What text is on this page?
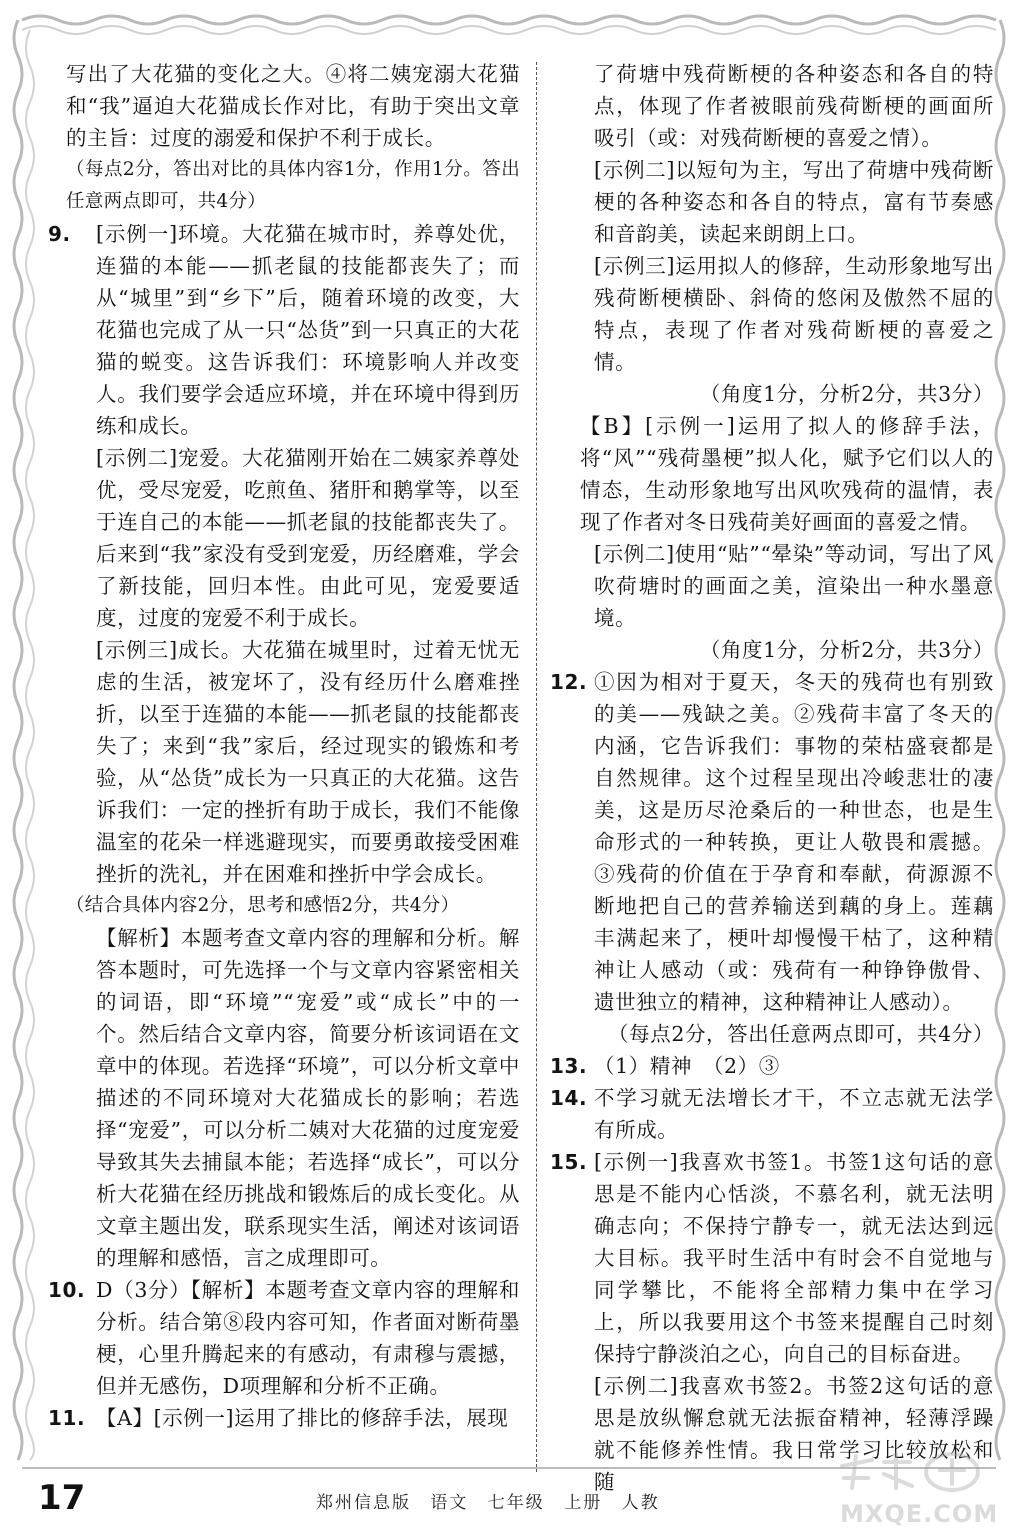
写出了大花猫的变化之大。④将二姨宠溺大花猫和“我”逼迫大花猫成长作对比，有助于突出文章的主旨：过度的溺爱和保护不利于成长。
（每点2分，答出对比的具体内容1分，作用1分。答出任意两点即可，共4分）
9. [示例一]环境。大花猫在城市时，养尊处优，连猫的本能——抓老鼠的技能都丧失了；而从“城里”到“乡下”后，随着环境的改变，大花猫也完成了从一只“怂货”到一只真正的大花猫的蜕变。这告诉我们：环境影响人并改变人。我们要学会适应环境，并在环境中得到历练和成长。
[示例二]宠爱。大花猫刚开始在二姨家养尊处优，受尽宠爱，吃煎鱼、猪肝和鹅掌等，以至于连自己的本能——抓老鼠的技能都丧失了。后来到“我”家没有受到宠爱，历经磨难，学会了新技能，回归本性。由此可见，宠爱要适度，过度的宠爱不利于成长。
[示例三]成长。大花猫在城里时，过着无忧无虑的生活，被宠坏了，没有经历什么磨难挫折，以至于连猫的本能——抓老鼠的技能都丧失了；来到“我”家后，经过现实的锻炼和考验，从“怂货”成长为一只真正的大花猫。这告诉我们：一定的挫折有助于成长，我们不能像温室的花朵一样逃避现实，而要勇敢接受困难挫折的洗礼，并在困难和挫折中学会成长。
（结合具体内容2分，思考和感悟2分，共4分）
【解析】本题考查文章内容的理解和分析。解答本题时，可先选择一个与文章内容紧密相关的词语，即“环境”“宠爱”或“成长”中的一个。然后结合文章内容，简要分析该词语在文章中的体现。若选择“环境”，可以分析文章中描述的不同环境对大花猫成长的影响；若选择“宠爱”，可以分析二姨对大花猫的过度宠爱导致其失去捕鼠本能；若选择“成长”，可以分析大花猫在经历挑战和锻炼后的成长变化。从文章主题出发，联系现实生活，阐述对该词语的理解和感悟，言之成理即可。
10. D（3分）【解析】本题考查文章内容的理解和分析。结合第⑧段内容可知，作者面对断荷墨梗，心里升腾起来的有感动，有肃穆与震撼，但并无感伤，D项理解和分析不正确。
11. 【A】[示例一]运用了排比的修辞手法，展现
了荷塘中残荷断梗的各种姿态和各自的特点，体现了作者被眼前残荷断梗的画面所吸引（或：对残荷断梗的喜爱之情）。
[示例二]以短句为主，写出了荷塘中残荷断梗的各种姿态和各自的特点，富有节奏感和音韵美，读起来朗朗上口。
[示例三]运用拟人的修辞，生动形象地写出残荷断梗横卧、斜倚的悠闲及傲然不屈的特点，表现了作者对残荷断梗的喜爱之情。
（角度1分，分析2分，共3分）
【B】[示例一]运用了拟人的修辞手法，将“风”“残荷墨梗”拟人化，赋予它们以人的情态，生动形象地写出风吹残荷的温情，表现了作者对冬日残荷美好画面的喜爱之情。
[示例二]使用“贴”“晕染”等动词，写出了风吹荷塘时的画面之美，渲染出一种水墨意境。
（角度1分，分析2分，共3分）
12. ①因为相对于夏天，冬天的残荷也有别致的美——残缺之美。②残荷丰富了冬天的内涵，它告诉我们：事物的荣枯盛衰都是自然规律。这个过程呈现出冷峻悲壮的凄美，这是历尽沧桑后的一种世态，也是生命形式的一种转换，更让人敬畏和震撼。③残荷的价值在于孕育和奉献，荷源源不断地把自己的营养输送到藕的身上。莲藕丰满起来了，梗叶却慢慢干枯了，这种精神让人感动（或：残荷有一种铮铮傲骨、遗世独立的精神，这种精神让人感动）。
（每点2分，答出任意两点即可，共4分）
13. （1）精神　（2）③
14. 不学习就无法增长才干，不立志就无法学有所成。
15. [示例一]我喜欢书签1。书签1这句话的意思是不能内心恬淡，不慕名利，就无法明确志向；不保持宁静专一，就无法达到远大目标。我平时生活中有时会不自觉地与同学攀比，不能将全部精力集中在学习上，所以我要用这个书签来提醒自己时刻保持宁静淡泊之心，向自己的目标奋进。
[示例二]我喜欢书签2。书签2这句话的意思是放纵懈怠就无法振奋精神，轻薄浮躁就不能修养性情。我日常学习比较放松和随
17	郑州信息版 语文 七年级 上册 人教	MXQE.COM
